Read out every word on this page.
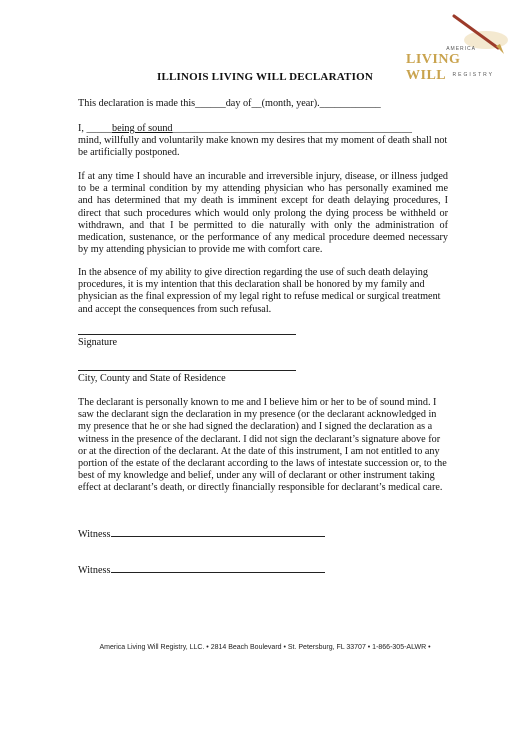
AMERICA
LIVING WILL	REGISTRY
ILLINOIS LIVING WILL DECLARATION
This declaration is made this______day of__(month, year).____________
I, _____being of sound_______________________________________________
mind, willfully and voluntarily make known my desires that my moment of death shall not be artificially postponed.
If at any time I should have an incurable and irreversible injury, disease, or illness judged to be a terminal condition by my attending physician who has personally examined me and has determined that my death is imminent except for death delaying procedures, I direct that such procedures which would only prolong the dying process be withheld or withdrawn, and that I be permitted to die naturally with only the administration of medication, sustenance, or the performance of any medical procedure deemed necessary by my attending physician to provide me with comfort care.
In the absence of my ability to give direction regarding the use of such death delaying procedures, it is my intention that this declaration shall be honored by my family and physician as the final expression of my legal right to refuse medical or surgical treatment and accept the consequences from such refusal.
Signature
City, County and State of Residence
The declarant is personally known to me and I believe him or her to be of sound mind. I saw the declarant sign the declaration in my presence (or the declarant acknowledged in my presence that he or she had signed the declaration) and I signed the declaration as a witness in the presence of the declarant. I did not sign the declarant’s signature above for or at the direction of the declarant. At the date of this instrument, I am not entitled to any portion of the estate of the declarant according to the laws of intestate succession or, to the best of my knowledge and belief, under any will of declarant or other instrument taking effect at declarant’s death, or directly financially responsible for declarant’s medical care.
Witness
Witness
America Living Will Registry, LLC. • 2814 Beach Boulevard • St. Petersburg, FL 33707 • 1-866-305-ALWR •
